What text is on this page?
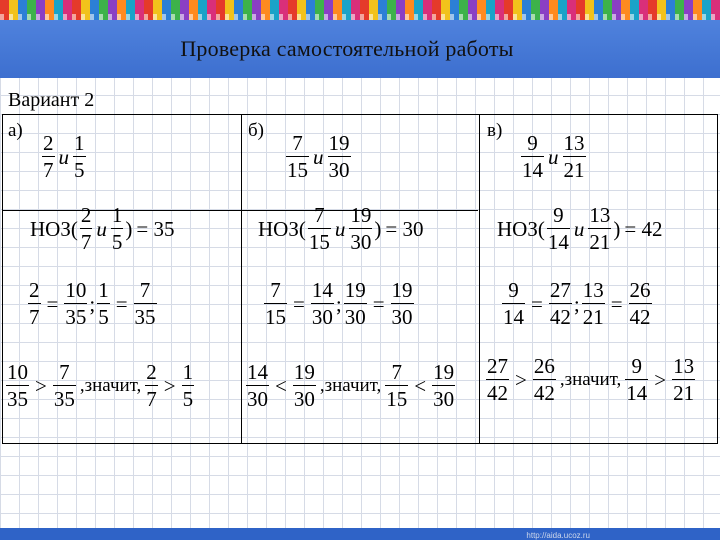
Проверка самостоятельной работы
Вариант 2
а)
$\frac{2}{7}$ и $\frac{1}{5}$
$НОЗ( \frac{2}{7}$ и $\frac{1}{5}$ ) = 35
$\frac{2}{7} = \frac{10}{35}$ ; $\frac{1}{5} = \frac{7}{35}$
$\frac{10}{35} > \frac{7}{35}$ ,значит, $\frac{2}{7} > \frac{1}{5}$
б)
$\frac{7}{15}$ и $\frac{19}{30}$
$НОЗ( \frac{7}{15}$ и $\frac{19}{30}$ ) = 30
$\frac{7}{15} = \frac{14}{30}$ ; $\frac{19}{30} = \frac{19}{30}$
$\frac{14}{30} < \frac{19}{30}$ ,значит, $\frac{7}{15} < \frac{19}{30}$
в)
$\frac{9}{14}$ и $\frac{13}{21}$
$НОЗ( \frac{9}{14}$ и $\frac{13}{21}$ ) = 42
$\frac{9}{14} = \frac{27}{42}$ ; $\frac{13}{21} = \frac{26}{42}$
$\frac{27}{42} > \frac{26}{42}$ ,значит, $\frac{9}{14} > \frac{13}{21}$
http://aida.ucoz.ru
